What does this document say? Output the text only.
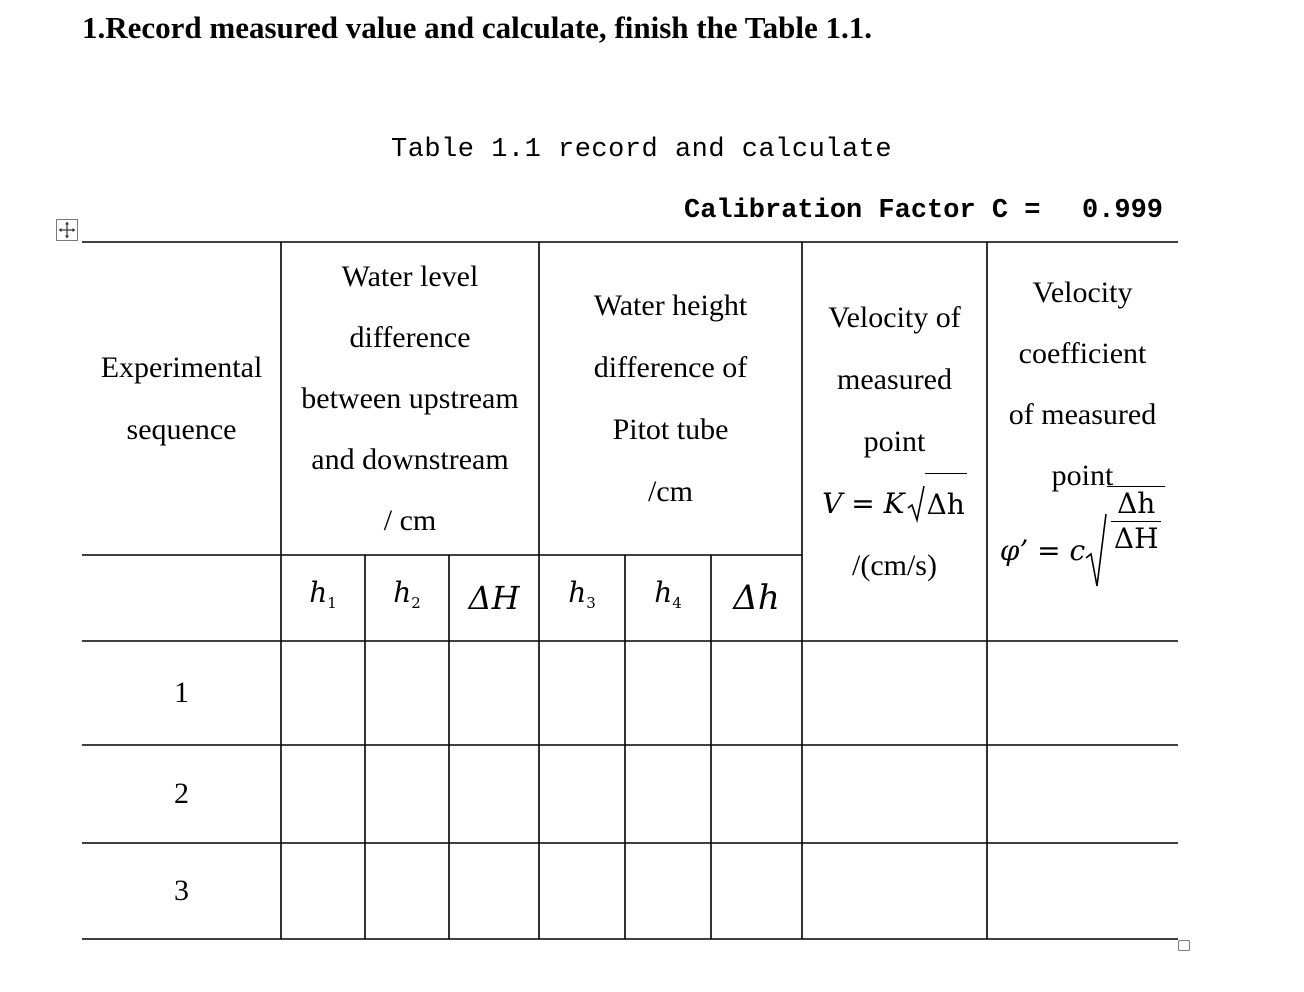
1.Record measured value and calculate, finish the Table 1.1.
Table 1.1 record and calculate
Calibration Factor C = 0.999
Experimental
sequence
Water level
difference
between upstream
and downstream
/ cm
Water height
difference of
Pitot tube
/cm
Velocity of
measured
point
V = K Δh
/(cm/s)
Velocity
coefficient
of measured
point
φ’ = c
Δh
ΔH
$h_1$ $h_2$ ΔH $h_3$ $h_4$ Δh
1
2
3
